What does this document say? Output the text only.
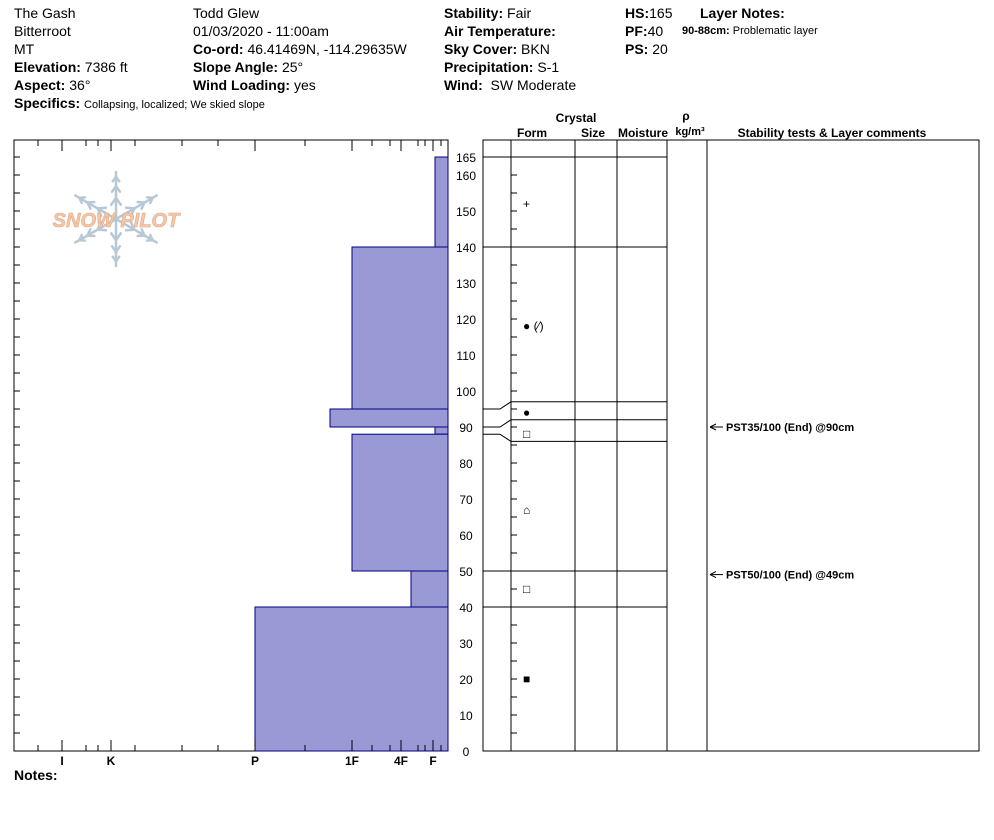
The Gash
Bitterroot
MT
Elevation: 7386 ft
Aspect: 36°
Specifics: Collapsing, localized; We skied slope
Todd Glew
01/03/2020 - 11:00am
Co-ord: 46.41469N, -114.29635W
Slope Angle: 25°
Wind Loading: yes
Stability: Fair
Air Temperature:
Sky Cover: BKN
Precipitation: S-1
Wind: SW Moderate
HS:165
PF:40
PS: 20
Layer Notes:
90-88cm: Problematic layer
Notes:
SNOW PILOT
Crystal
Form	Size Moisture
ρ
kg/m³	Stability tests & Layer comments
I	K	P	1F	4F F
0
10
20
30
40
50
60
70
80
90
100
110
120
130
140
150
160
165
+
● (⁄)
●
□
⌂
□
■
PST35/100 (End) @90cm
PST50/100 (End) @49cm
